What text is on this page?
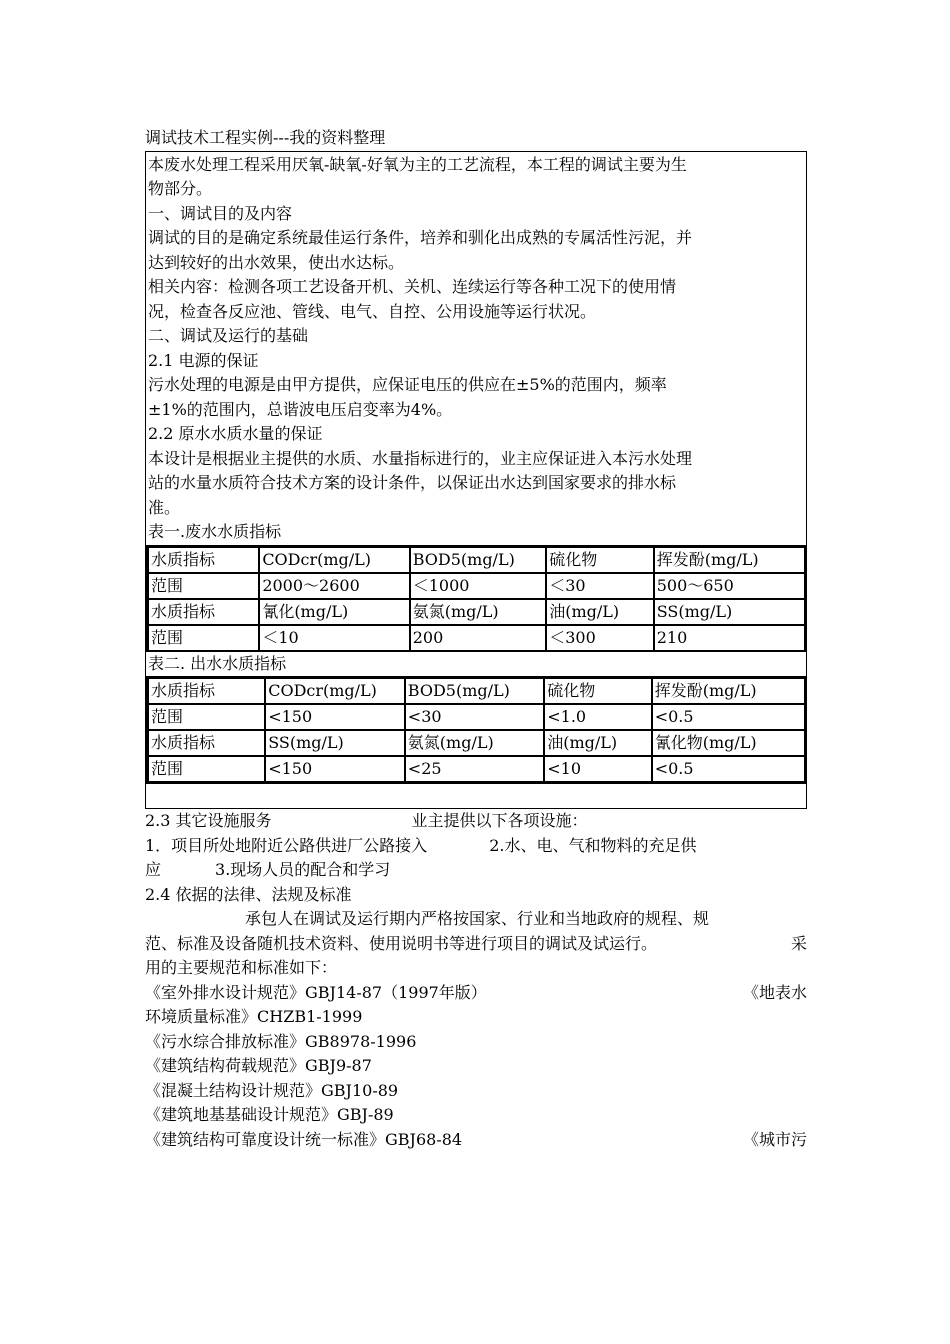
调试技术工程实例---我的资料整理

本废水处理工程采用厌氧-缺氧-好氧为主的工艺流程，本工程的调试主要为生

物部分。

一、调试目的及内容

调试的目的是确定系统最佳运行条件，培养和驯化出成熟的专属活性污泥，并

达到较好的出水效果，使出水达标。

相关内容：检测各项工艺设备开机、关机、连续运行等各种工况下的使用情

况，检查各反应池、管线、电气、自控、公用设施等运行状况。

二、调试及运行的基础

2.1 电源的保证

污水处理的电源是由甲方提供，应保证电压的供应在±5%的范围内，频率

±1%的范围内，总谐波电压启变率为4%。

2.2 原水水质水量的保证

本设计是根据业主提供的水质、水量指标进行的，业主应保证进入本污水处理

站的水量水质符合技术方案的设计条件，以保证出水达到国家要求的排水标

准。

表一.废水水质指标

水质指标	CODcr(mg/L)	BOD5(mg/L)	硫化物	挥发酚(mg/L)
范围	2000～2600	＜1000	＜30	500～650
水质指标	氰化(mg/L)	氨氮(mg/L)	油(mg/L)	SS(mg/L)
范围	＜10	200	＜300	210

表二. 出水水质指标

水质指标	CODcr(mg/L)	BOD5(mg/L)	硫化物	挥发酚(mg/L)
范围	<150	<30	<1.0	<0.5
水质指标	SS(mg/L)	氨氮(mg/L)	油(mg/L)	氰化物(mg/L)
范围	<150	<25	<10	<0.5

2.3 其它设施服务	业主提供以下各项设施：

1．项目所处地附近公路供进厂公路接入	2.水、电、气和物料的充足供

应	3.现场人员的配合和学习

2.4 依据的法律、法规及标准

承包人在调试及运行期内严格按国家、行业和当地政府的规程、规

范、标准及设备随机技术资料、使用说明书等进行项目的调试及试运行。	采

用的主要规范和标准如下：

《室外排水设计规范》GBJ14-87（1997年版）	《地表水

环境质量标准》CHZB1-1999

《污水综合排放标准》GB8978-1996

《建筑结构荷载规范》GBJ9-87

《混凝土结构设计规范》GBJ10-89

《建筑地基基础设计规范》GBJ-89

《建筑结构可靠度设计统一标准》GBJ68-84	《城市污
